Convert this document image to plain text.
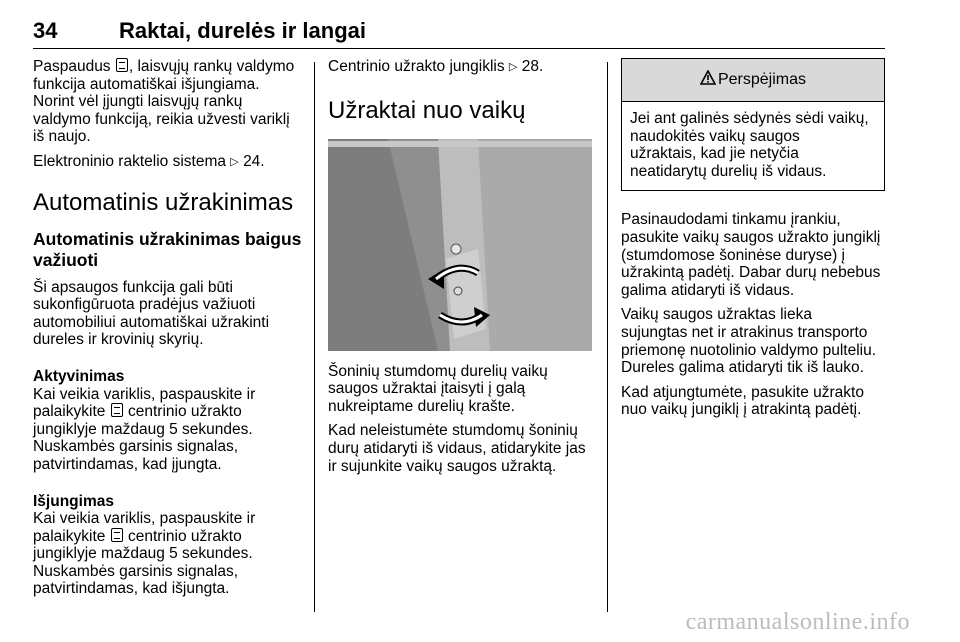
34	Raktai, durelės ir langai

Paspaudus , laisvųjų rankų valdymo
funkcija automatiškai išjungiama.
Norint vėl įjungti laisvųjų rankų
valdymo funkciją, reikia užvesti variklį
iš naujo.

Elektroninio raktelio sistema ▷ 24.

Automatinis užrakinimas
Automatinis užrakinimas baigus
važiuoti

Ši apsaugos funkcija gali būti
sukonfigūruota pradėjus važiuoti
automobiliui automatiškai užrakinti
dureles ir krovinių skyrių.

Aktyvinimas
Kai veikia variklis, paspauskite ir
palaikykite  centrinio užrakto
jungiklyje maždaug 5 sekundes.
Nuskambės garsinis signalas,
patvirtindamas, kad įjungta.

Išjungimas
Kai veikia variklis, paspauskite ir
palaikykite  centrinio užrakto
jungiklyje maždaug 5 sekundes.
Nuskambės garsinis signalas,
patvirtindamas, kad išjungta.

Centrinio užrakto jungiklis ▷ 28.

Užraktai nuo vaikų

Šoninių stumdomų durelių vaikų
saugos užraktai įtaisyti į galą
nukreiptame durelių krašte.

Kad neleistumėte stumdomų šoninių
durų atidaryti iš vidaus, atidarykite jas
ir sujunkite vaikų saugos užraktą.

Perspėjimas
Jei ant galinės sėdynės sėdi vaikų,
naudokitės vaikų saugos
užraktais, kad jie netyčia
neatidarytų durelių iš vidaus.

Pasinaudodami tinkamu įrankiu,
pasukite vaikų saugos užrakto jungiklį
(stumdomose šoninėse duryse) į
užrakintą padėtį. Dabar durų nebebus
galima atidaryti iš vidaus.

Vaikų saugos užraktas lieka
sujungtas net ir atrakinus transporto
priemonę nuotolinio valdymo pulteliu.
Dureles galima atidaryti tik iš lauko.

Kad atjungtumėte, pasukite užrakto
nuo vaikų jungiklį į atrakintą padėtį.

carmanualsonline.info
